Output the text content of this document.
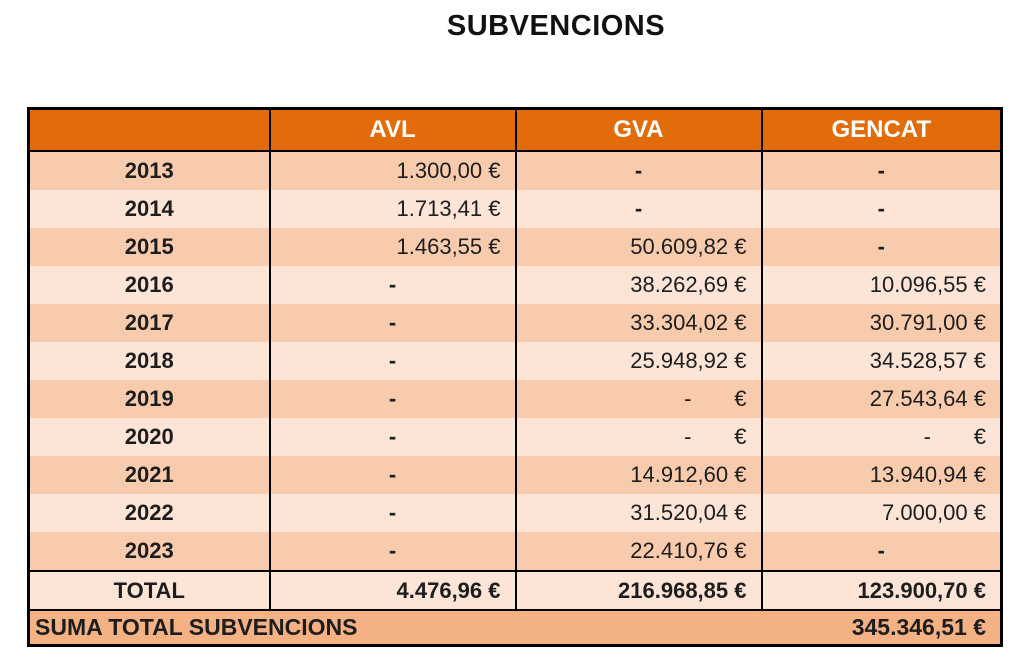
SUBVENCIONS
	AVL	GVA	GENCAT
2013	1.300,00 €	-	-
2014	1.713,41 €	-	-
2015	1.463,55 €	50.609,82 €	-
2016	-	38.262,69 €	10.096,55 €
2017	-	33.304,02 €	30.791,00 €
2018	-	25.948,92 €	34.528,57 €
2019	-	-       €	27.543,64 €
2020	-	-       €	-       €
2021	-	14.912,60 €	13.940,94 €
2022	-	31.520,04 €	7.000,00 €
2023	-	22.410,76 €	-
TOTAL	4.476,96 €	216.968,85 €	123.900,70 €

SUMA TOTAL SUBVENCIONS 345.346,51 €			
